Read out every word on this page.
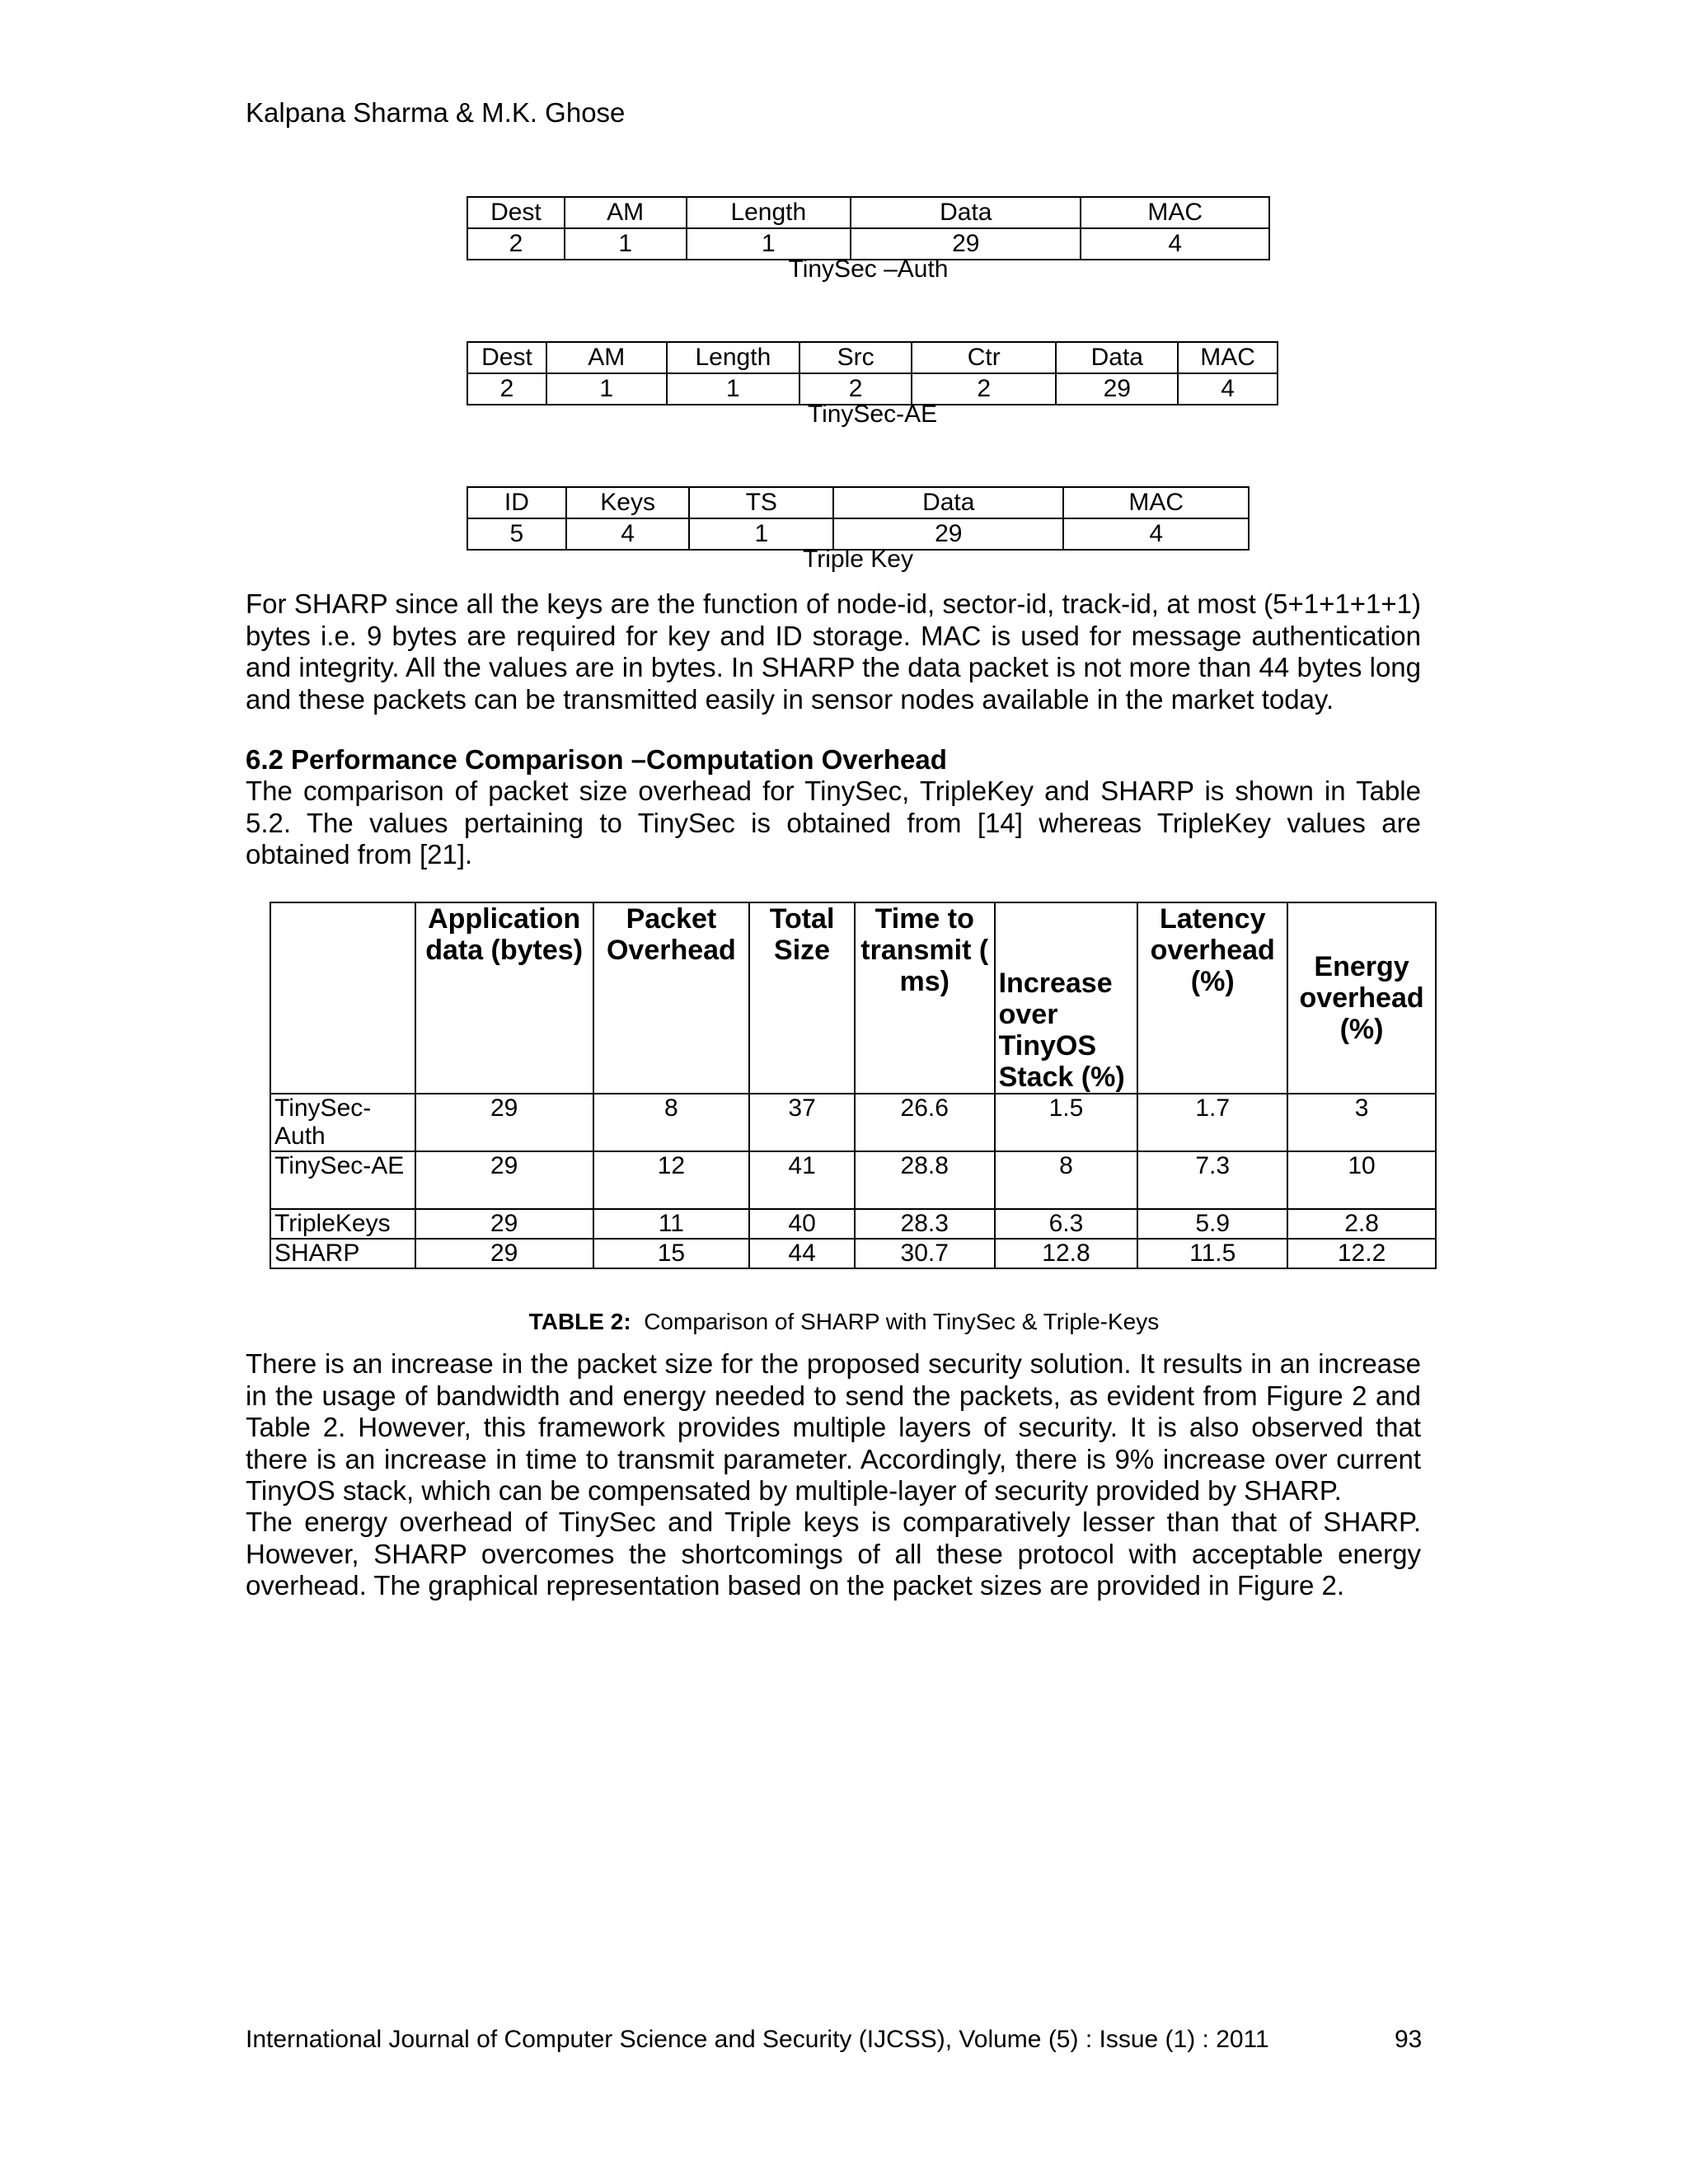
Kalpana Sharma & M.K. Ghose
Dest	AM	Length	Data	MAC
2	1	1	29	4
TinySec –Auth
Dest	AM	Length	Src	Ctr	Data	MAC
2	1	1	2	2	29	4
TinySec-AE
ID	Keys	TS	Data	MAC
5	4	1	29	4
Triple Key

For SHARP since all the keys are the function of node-id, sector-id, track-id, at most (5+1+1+1+1) bytes i.e. 9 bytes are required for key and ID storage. MAC is used for message authentication and integrity. All the values are in bytes. In SHARP the data packet is not more than 44 bytes long and these packets can be transmitted easily in sensor nodes available in the market today.

6.2 Performance Comparison –Computation Overhead

The comparison of packet size overhead for TinySec, TripleKey and SHARP is shown in Table 5.2. The values pertaining to TinySec is obtained from [14] whereas TripleKey values are obtained from [21].

	Application data (bytes)	Packet Overhead	Total Size	Time to transmit ( ms)	Increase over TinyOS Stack (%)	Latency overhead (%)	Energy overhead (%)
TinySec-Auth	29	8	37	26.6	1.5	1.7	3
TinySec-AE	29	12	41	28.8	8	7.3	10
TripleKeys	29	11	40	28.3	6.3	5.9	2.8
SHARP	29	15	44	30.7	12.8	11.5	12.2
TABLE 2: Comparison of SHARP with TinySec & Triple-Keys

There is an increase in the packet size for the proposed security solution. It results in an increase in the usage of bandwidth and energy needed to send the packets, as evident from Figure 2 and Table 2. However, this framework provides multiple layers of security. It is also observed that there is an increase in time to transmit parameter. Accordingly, there is 9% increase over current TinyOS stack, which can be compensated by multiple-layer of security provided by SHARP.

The energy overhead of TinySec and Triple keys is comparatively lesser than that of SHARP. However, SHARP overcomes the shortcomings of all these protocol with acceptable energy overhead. The graphical representation based on the packet sizes are provided in Figure 2.

International Journal of Computer Science and Security (IJCSS), Volume (5) : Issue (1) : 2011	93
